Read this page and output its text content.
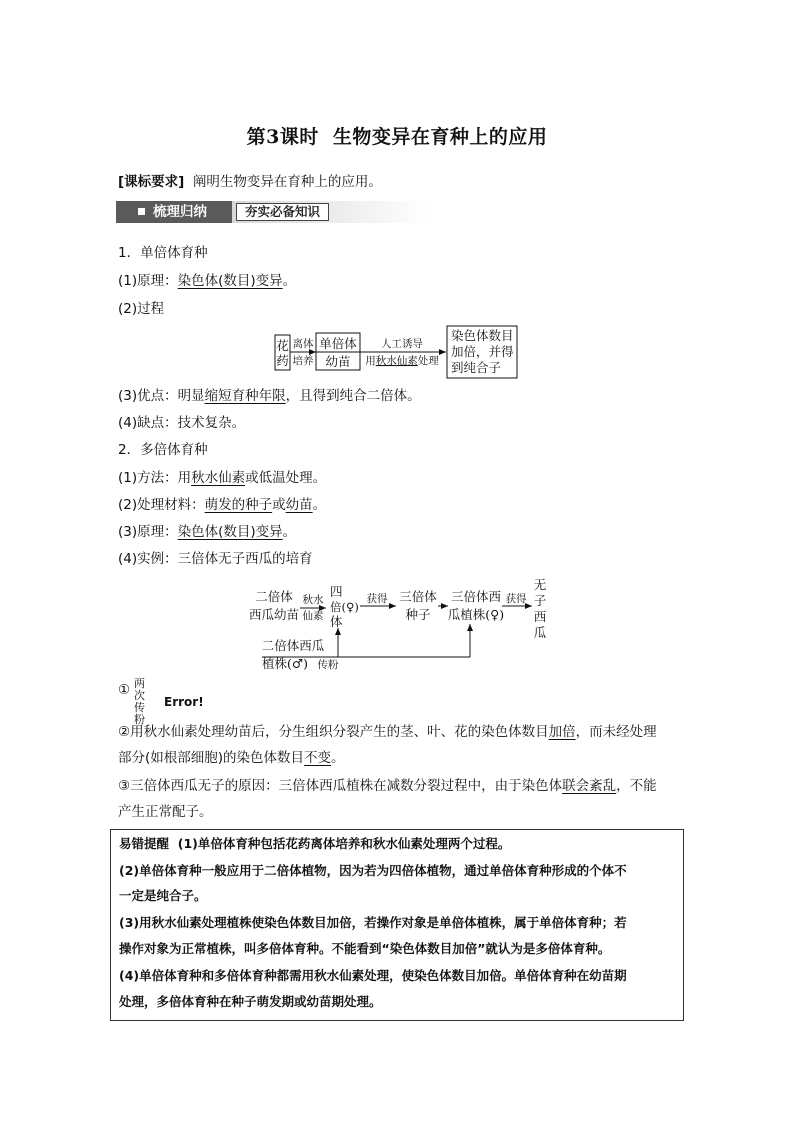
第3课时 生物变异在育种上的应用
[课标要求] 阐明生物变异在育种上的应用。
梳理归纳	夯实必备知识
1．单倍体育种
(1)原理：染色体(数目)变异。
(2)过程
花
药
离体
培养
单倍体
幼苗
人工诱导
用秋水仙素处理
染色体数目
加倍，并得
到纯合子
(3)优点：明显缩短育种年限，且得到纯合二倍体。
(4)缺点：技术复杂。
2．多倍体育种
(1)方法：用秋水仙素或低温处理。
(2)处理材料：萌发的种子或幼苗。
(3)原理：染色体(数目)变异。
(4)实例：三倍体无子西瓜的培育
二倍体
西瓜幼苗
秋水
仙素
四
倍(♀)
体
获得 三倍体
种子
三倍体西
瓜植株(♀)
获得
无
子
西
瓜
二倍体西瓜
植株(♂) 传粉
① 两次
传粉
Error!
②用秋水仙素处理幼苗后，分生组织分裂产生的茎、叶、花的染色体数目加倍，而未经处理
部分(如根部细胞)的染色体数目不变。
③三倍体西瓜无子的原因：三倍体西瓜植株在减数分裂过程中，由于染色体联会紊乱，不能
产生正常配子。
易错提醒 (1)单倍体育种包括花药离体培养和秋水仙素处理两个过程。
(2)单倍体育种一般应用于二倍体植物，因为若为四倍体植物，通过单倍体育种形成的个体不
一定是纯合子。
(3)用秋水仙素处理植株使染色体数目加倍，若操作对象是单倍体植株，属于单倍体育种；若
操作对象为正常植株，叫多倍体育种。不能看到“染色体数目加倍”就认为是多倍体育种。
(4)单倍体育种和多倍体育种都需用秋水仙素处理，使染色体数目加倍。单倍体育种在幼苗期
处理，多倍体育种在种子萌发期或幼苗期处理。
